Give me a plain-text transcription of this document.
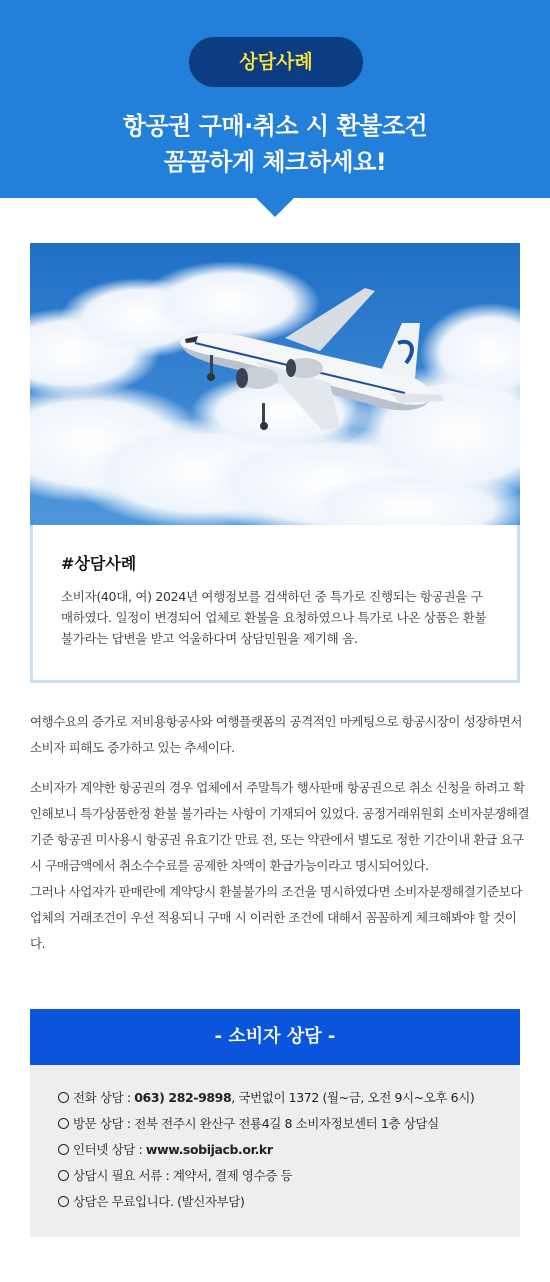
상담사례
항공권 구매·취소 시 환불조건
꼼꼼하게 체크하세요!
#상담사례
소비자(40대, 여) 2024년 여행정보를 검색하던 중 특가로 진행되는 항공권을 구매하였다. 일정이 변경되어 업체로 환불을 요청하였으나 특가로 나온 상품은 환불불가라는 답변을 받고 억울하다며 상담민원을 제기해 옴.
여행수요의 증가로 저비용항공사와 여행플랫폼의 공격적인 마케팅으로 항공시장이 성장하면서 소비자 피해도 증가하고 있는 추세이다.
소비자가 계약한 항공권의 경우 업체에서 주말특가 행사판매 항공권으로 취소 신청을 하려고 확인해보니 특가상품한정 환불 불가라는 사항이 기재되어 있었다. 공정거래위원회 소비자분쟁해결기준 항공권 미사용시 항공권 유효기간 만료 전, 또는 약관에서 별도로 정한 기간이내 환급 요구 시 구매금액에서 취소수수료를 공제한 차액이 환급가능이라고 명시되어있다.
그러나 사업자가 판매란에 계약당시 환불불가의 조건을 명시하였다면 소비자분쟁해결기준보다 업체의 거래조건이 우선 적용되니 구매 시 이러한 조건에 대해서 꼼꼼하게 체크해봐야 할 것이다.
- 소비자 상담 -
전화 상담 : 063) 282-9898, 국번없이 1372 (월~금, 오전 9시~오후 6시)
방문 상담 : 전북 전주시 완산구 전룡4길 8 소비자정보센터 1층 상담실
인터넷 상담 : www.sobijacb.or.kr
상담시 필요 서류 : 계약서, 결제 영수증 등
상담은 무료입니다. (발신자부담)
